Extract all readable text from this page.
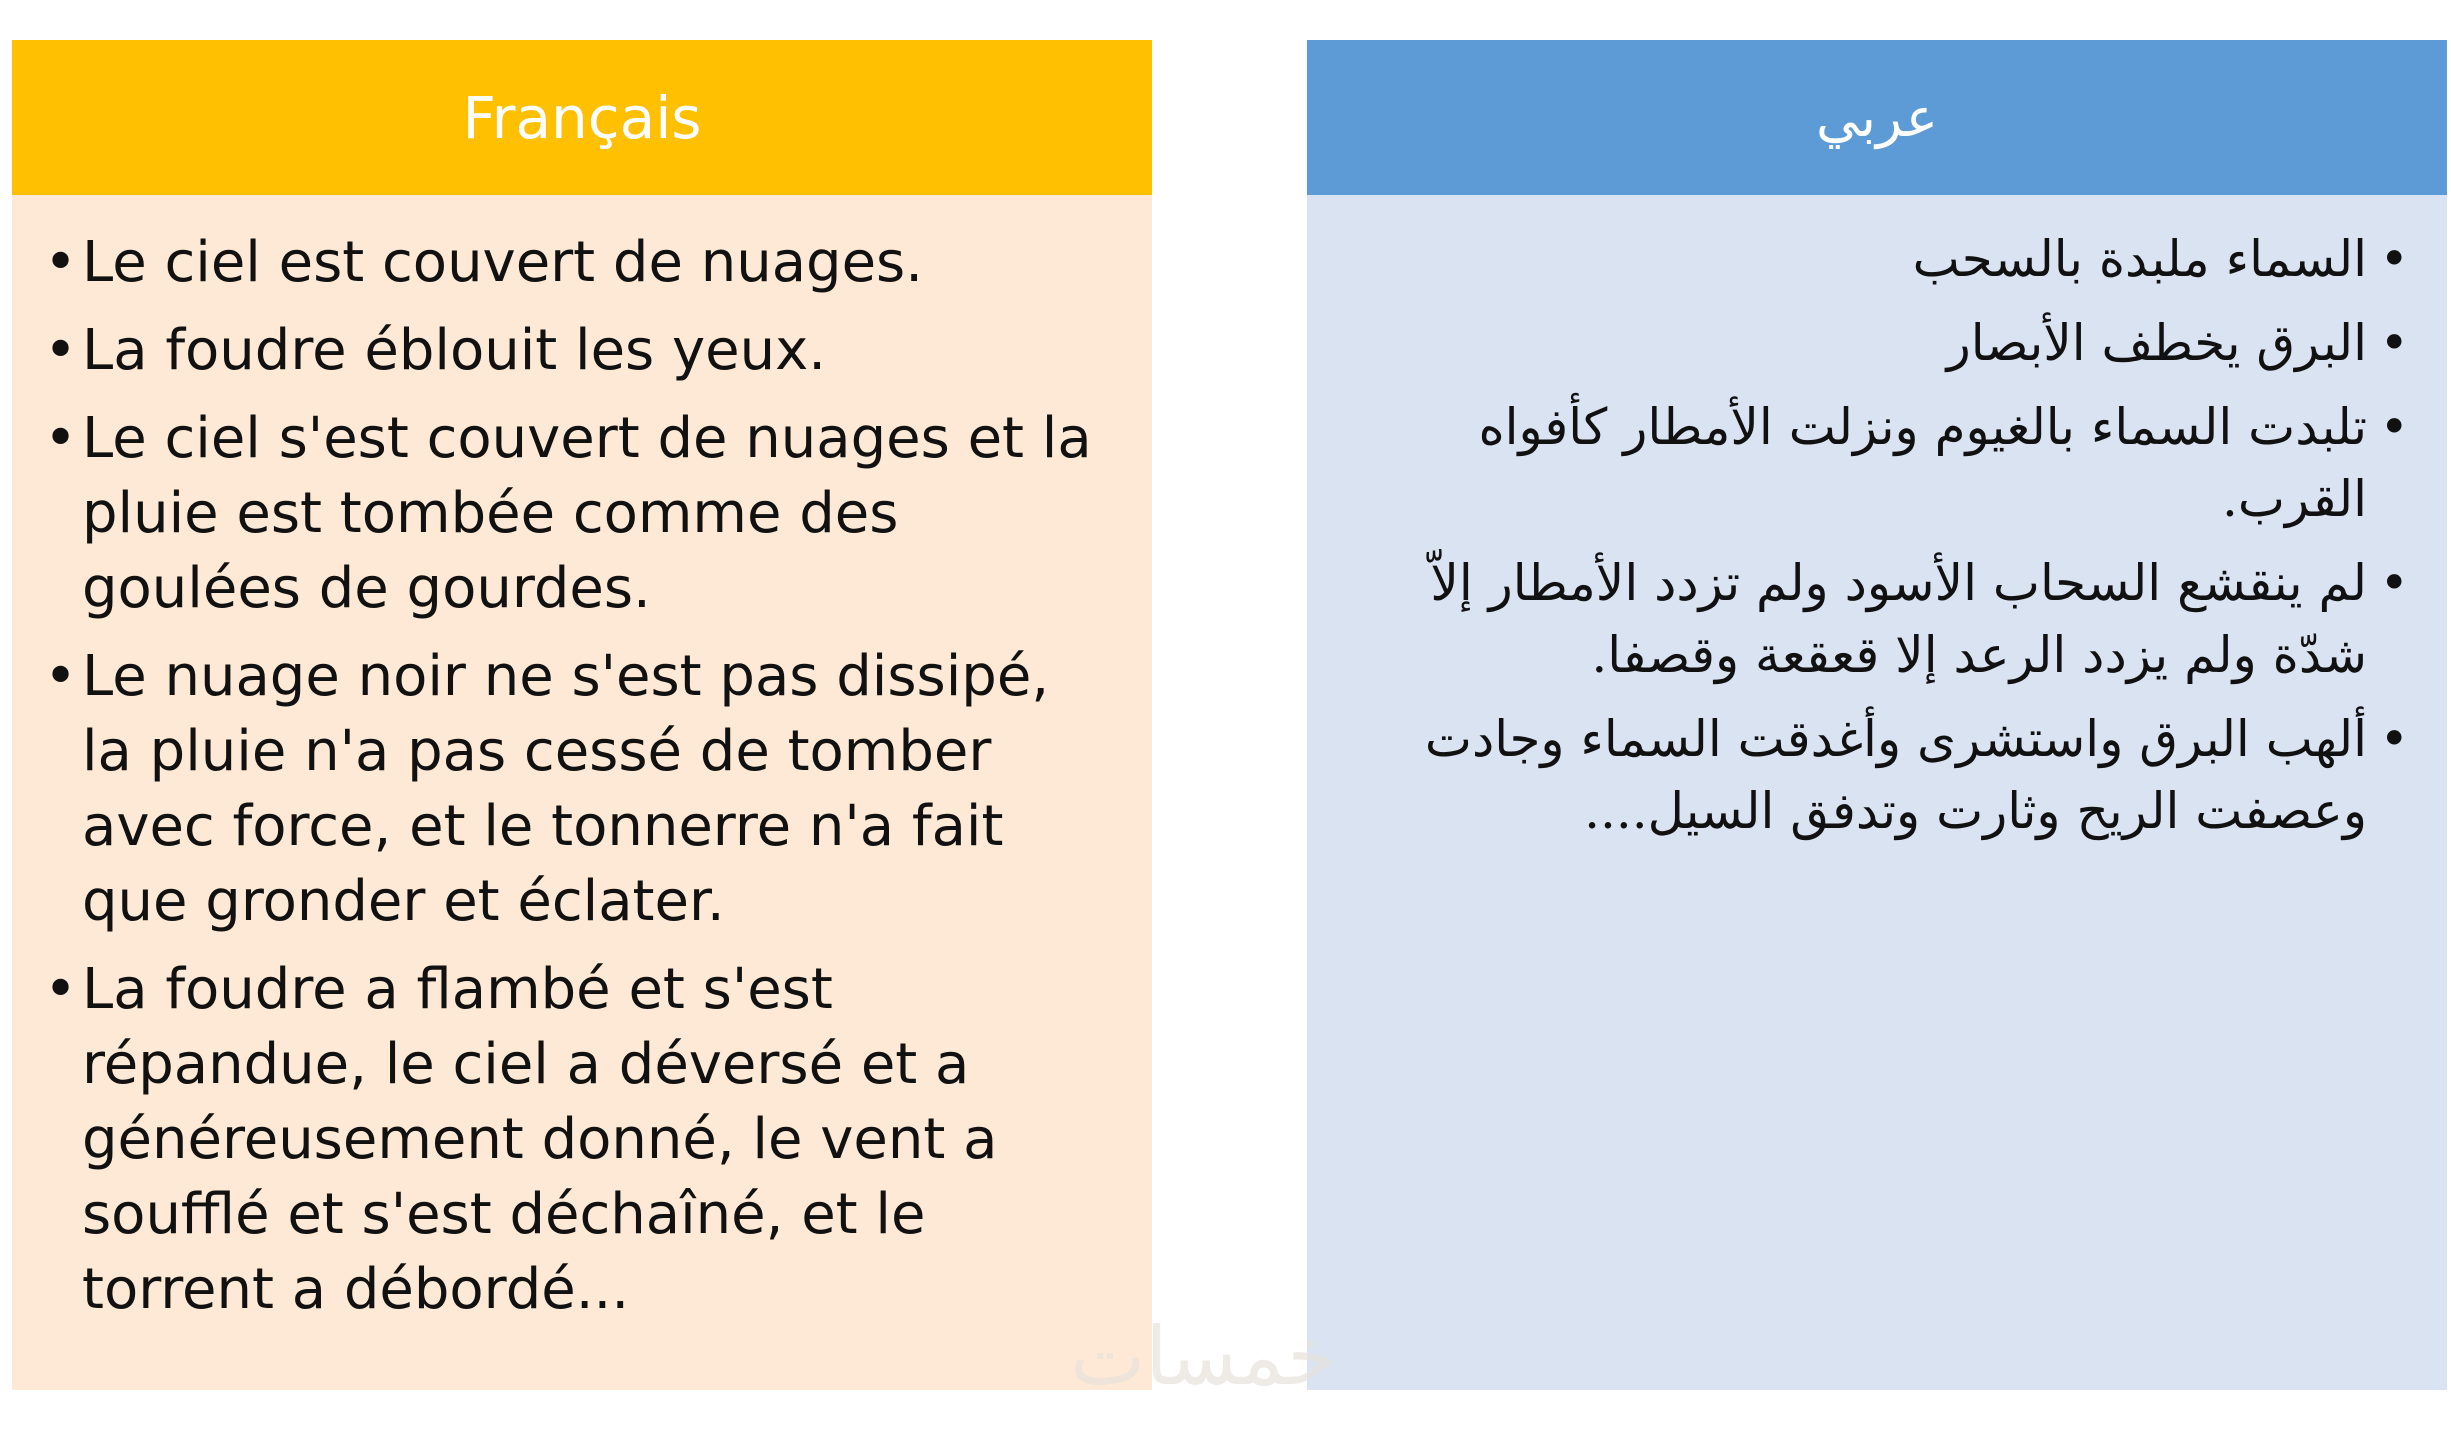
Français
• Le ciel est couvert de nuages.
• La foudre éblouit les yeux.
• Le ciel s'est couvert de nuages et la pluie est tombée comme des goulées de gourdes.
• Le nuage noir ne s'est pas dissipé, la pluie n'a pas cessé de tomber avec force, et le tonnerre n'a fait que gronder et éclater.
• La foudre a flambé et s'est répandue, le ciel a déversé et a généreusement donné, le vent a soufflé et s'est déchaîné, et le torrent a débordé...
عربي
•
السماء ملبدة بالسحب
•
البرق يخطف الأبصار
•
تلبدت السماء بالغيوم ونزلت الأمطار كأفواه القرب.
•
لم ينقشع السحاب الأسود ولم تزدد الأمطار إلاّ شدّة ولم يزدد الرعد إلا قعقعة وقصفا.
•
ألهب البرق واستشرى وأغدقت السماء وجادت وعصفت الريح وثارت وتدفق السيل....
خمسات
